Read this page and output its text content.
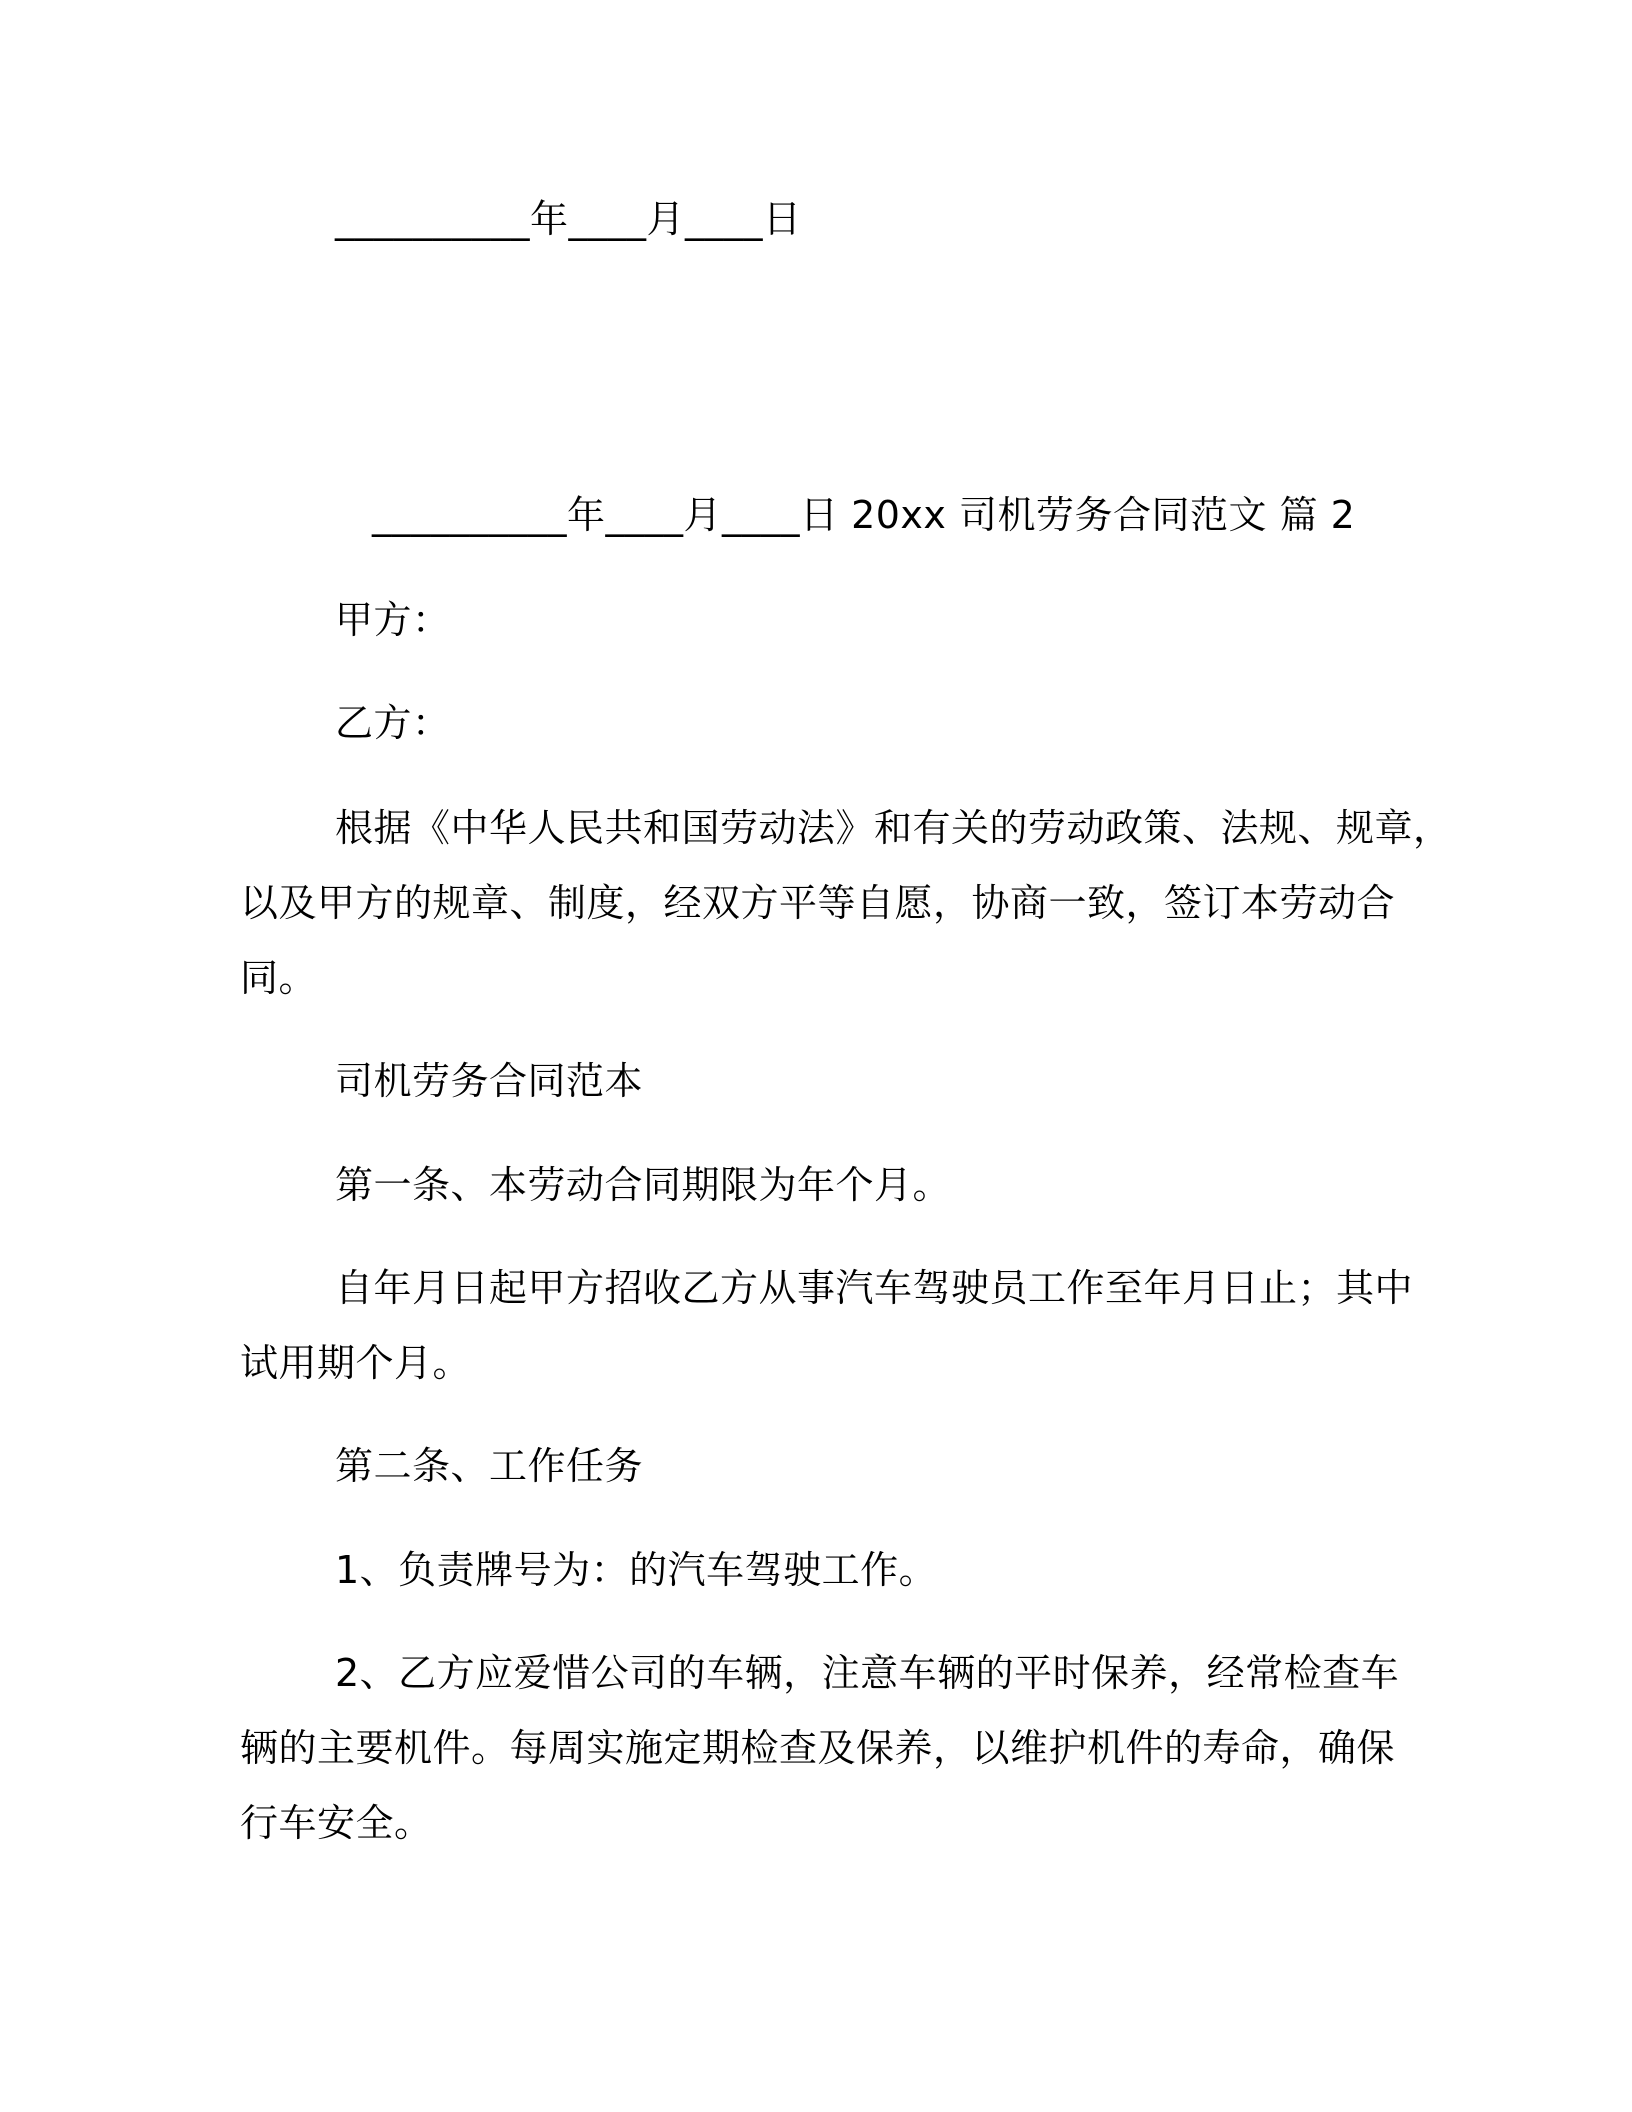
__________年____月____日
__________年____月____日 20xx 司机劳务合同范文 篇 2
甲方：
乙方：
根据《中华人民共和国劳动法》和有关的劳动政策、法规、规章，
以及甲方的规章、制度，经双方平等自愿，协商一致，签订本劳动合
同。
司机劳务合同范本
第一条、本劳动合同期限为年个月。
自年月日起甲方招收乙方从事汽车驾驶员工作至年月日止；其中
试用期个月。
第二条、工作任务
1、负责牌号为：的汽车驾驶工作。
2、乙方应爱惜公司的车辆，注意车辆的平时保养，经常检查车
辆的主要机件。每周实施定期检查及保养，以维护机件的寿命，确保
行车安全。
